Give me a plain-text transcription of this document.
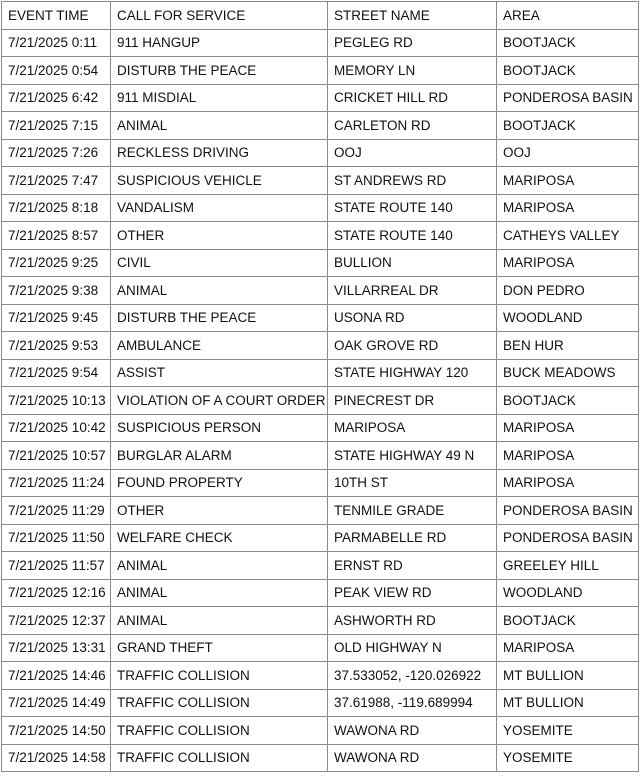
EVENT TIME	CALL FOR SERVICE	STREET NAME	AREA
7/21/2025 0:11	911 HANGUP	PEGLEG RD	BOOTJACK
7/21/2025 0:54	DISTURB THE PEACE	MEMORY LN	BOOTJACK
7/21/2025 6:42	911 MISDIAL	CRICKET HILL RD	PONDEROSA BASIN
7/21/2025 7:15	ANIMAL	CARLETON RD	BOOTJACK
7/21/2025 7:26	RECKLESS DRIVING	OOJ	OOJ
7/21/2025 7:47	SUSPICIOUS VEHICLE	ST ANDREWS RD	MARIPOSA
7/21/2025 8:18	VANDALISM	STATE ROUTE 140	MARIPOSA
7/21/2025 8:57	OTHER	STATE ROUTE 140	CATHEYS VALLEY
7/21/2025 9:25	CIVIL	BULLION	MARIPOSA
7/21/2025 9:38	ANIMAL	VILLARREAL DR	DON PEDRO
7/21/2025 9:45	DISTURB THE PEACE	USONA RD	WOODLAND
7/21/2025 9:53	AMBULANCE	OAK GROVE RD	BEN HUR
7/21/2025 9:54	ASSIST	STATE HIGHWAY 120	BUCK MEADOWS
7/21/2025 10:13	VIOLATION OF A COURT ORDER	PINECREST DR	BOOTJACK
7/21/2025 10:42	SUSPICIOUS PERSON	MARIPOSA	MARIPOSA
7/21/2025 10:57	BURGLAR ALARM	STATE HIGHWAY 49 N	MARIPOSA
7/21/2025 11:24	FOUND PROPERTY	10TH ST	MARIPOSA
7/21/2025 11:29	OTHER	TENMILE GRADE	PONDEROSA BASIN
7/21/2025 11:50	WELFARE CHECK	PARMABELLE RD	PONDEROSA BASIN
7/21/2025 11:57	ANIMAL	ERNST RD	GREELEY HILL
7/21/2025 12:16	ANIMAL	PEAK VIEW RD	WOODLAND
7/21/2025 12:37	ANIMAL	ASHWORTH RD	BOOTJACK
7/21/2025 13:31	GRAND THEFT	OLD HIGHWAY N	MARIPOSA
7/21/2025 14:46	TRAFFIC COLLISION	37.533052, -120.026922	MT BULLION
7/21/2025 14:49	TRAFFIC COLLISION	37.61988, -119.689994	MT BULLION
7/21/2025 14:50	TRAFFIC COLLISION	WAWONA RD	YOSEMITE
7/21/2025 14:58	TRAFFIC COLLISION	WAWONA RD	YOSEMITE
